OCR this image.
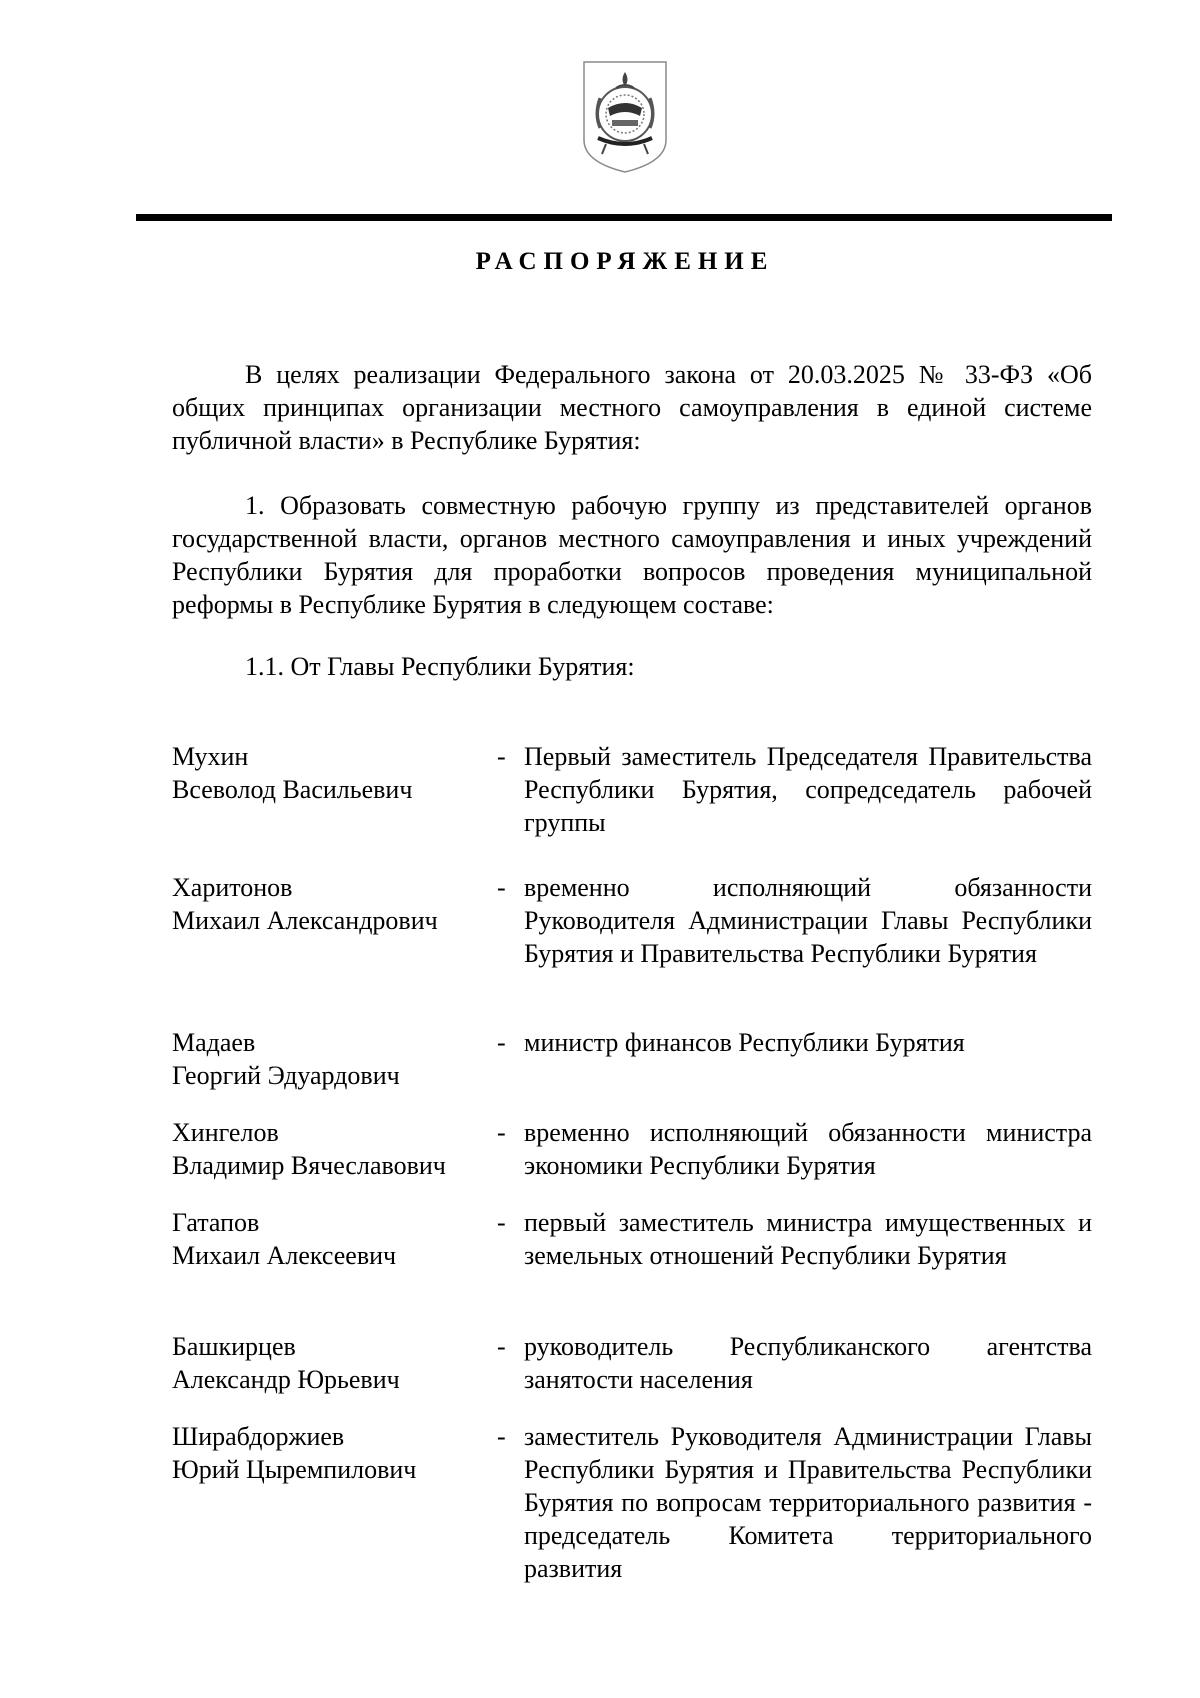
РАСПОРЯЖЕНИЕ
В целях реализации Федерального закона от 20.03.2025 № 33-ФЗ «Об общих принципах организации местного самоуправления в единой системе публичной власти» в Республике Бурятия:
1. Образовать совместную рабочую группу из представителей органов государственной власти, органов местного самоуправления и иных учреждений Республики Бурятия для проработки вопросов проведения муниципальной реформы в Республике Бурятия в следующем составе:
1.1. От Главы Республики Бурятия:
Мухин
Всеволод Васильевич
- Первый заместитель Председателя Правительства Республики Бурятия, сопредседатель рабочей группы
Харитонов
Михаил Александрович
- временно исполняющий обязанности Руководителя Администрации Главы Республики Бурятия и Правительства Республики Бурятия
Мадаев
Георгий Эдуардович
- министр финансов Республики Бурятия
Хингелов
Владимир Вячеславович
- временно исполняющий обязанности министра экономики Республики Бурятия
Гатапов
Михаил Алексеевич
- первый заместитель министра имущественных и земельных отношений Республики Бурятия
Башкирцев
Александр Юрьевич
- руководитель Республиканского агентства занятости населения
Ширабдоржиев
Юрий Цыремпилович
- заместитель Руководителя Администрации Главы Республики Бурятия и Правительства Республики Бурятия по вопросам территориального развития - председатель Комитета территориального развития
